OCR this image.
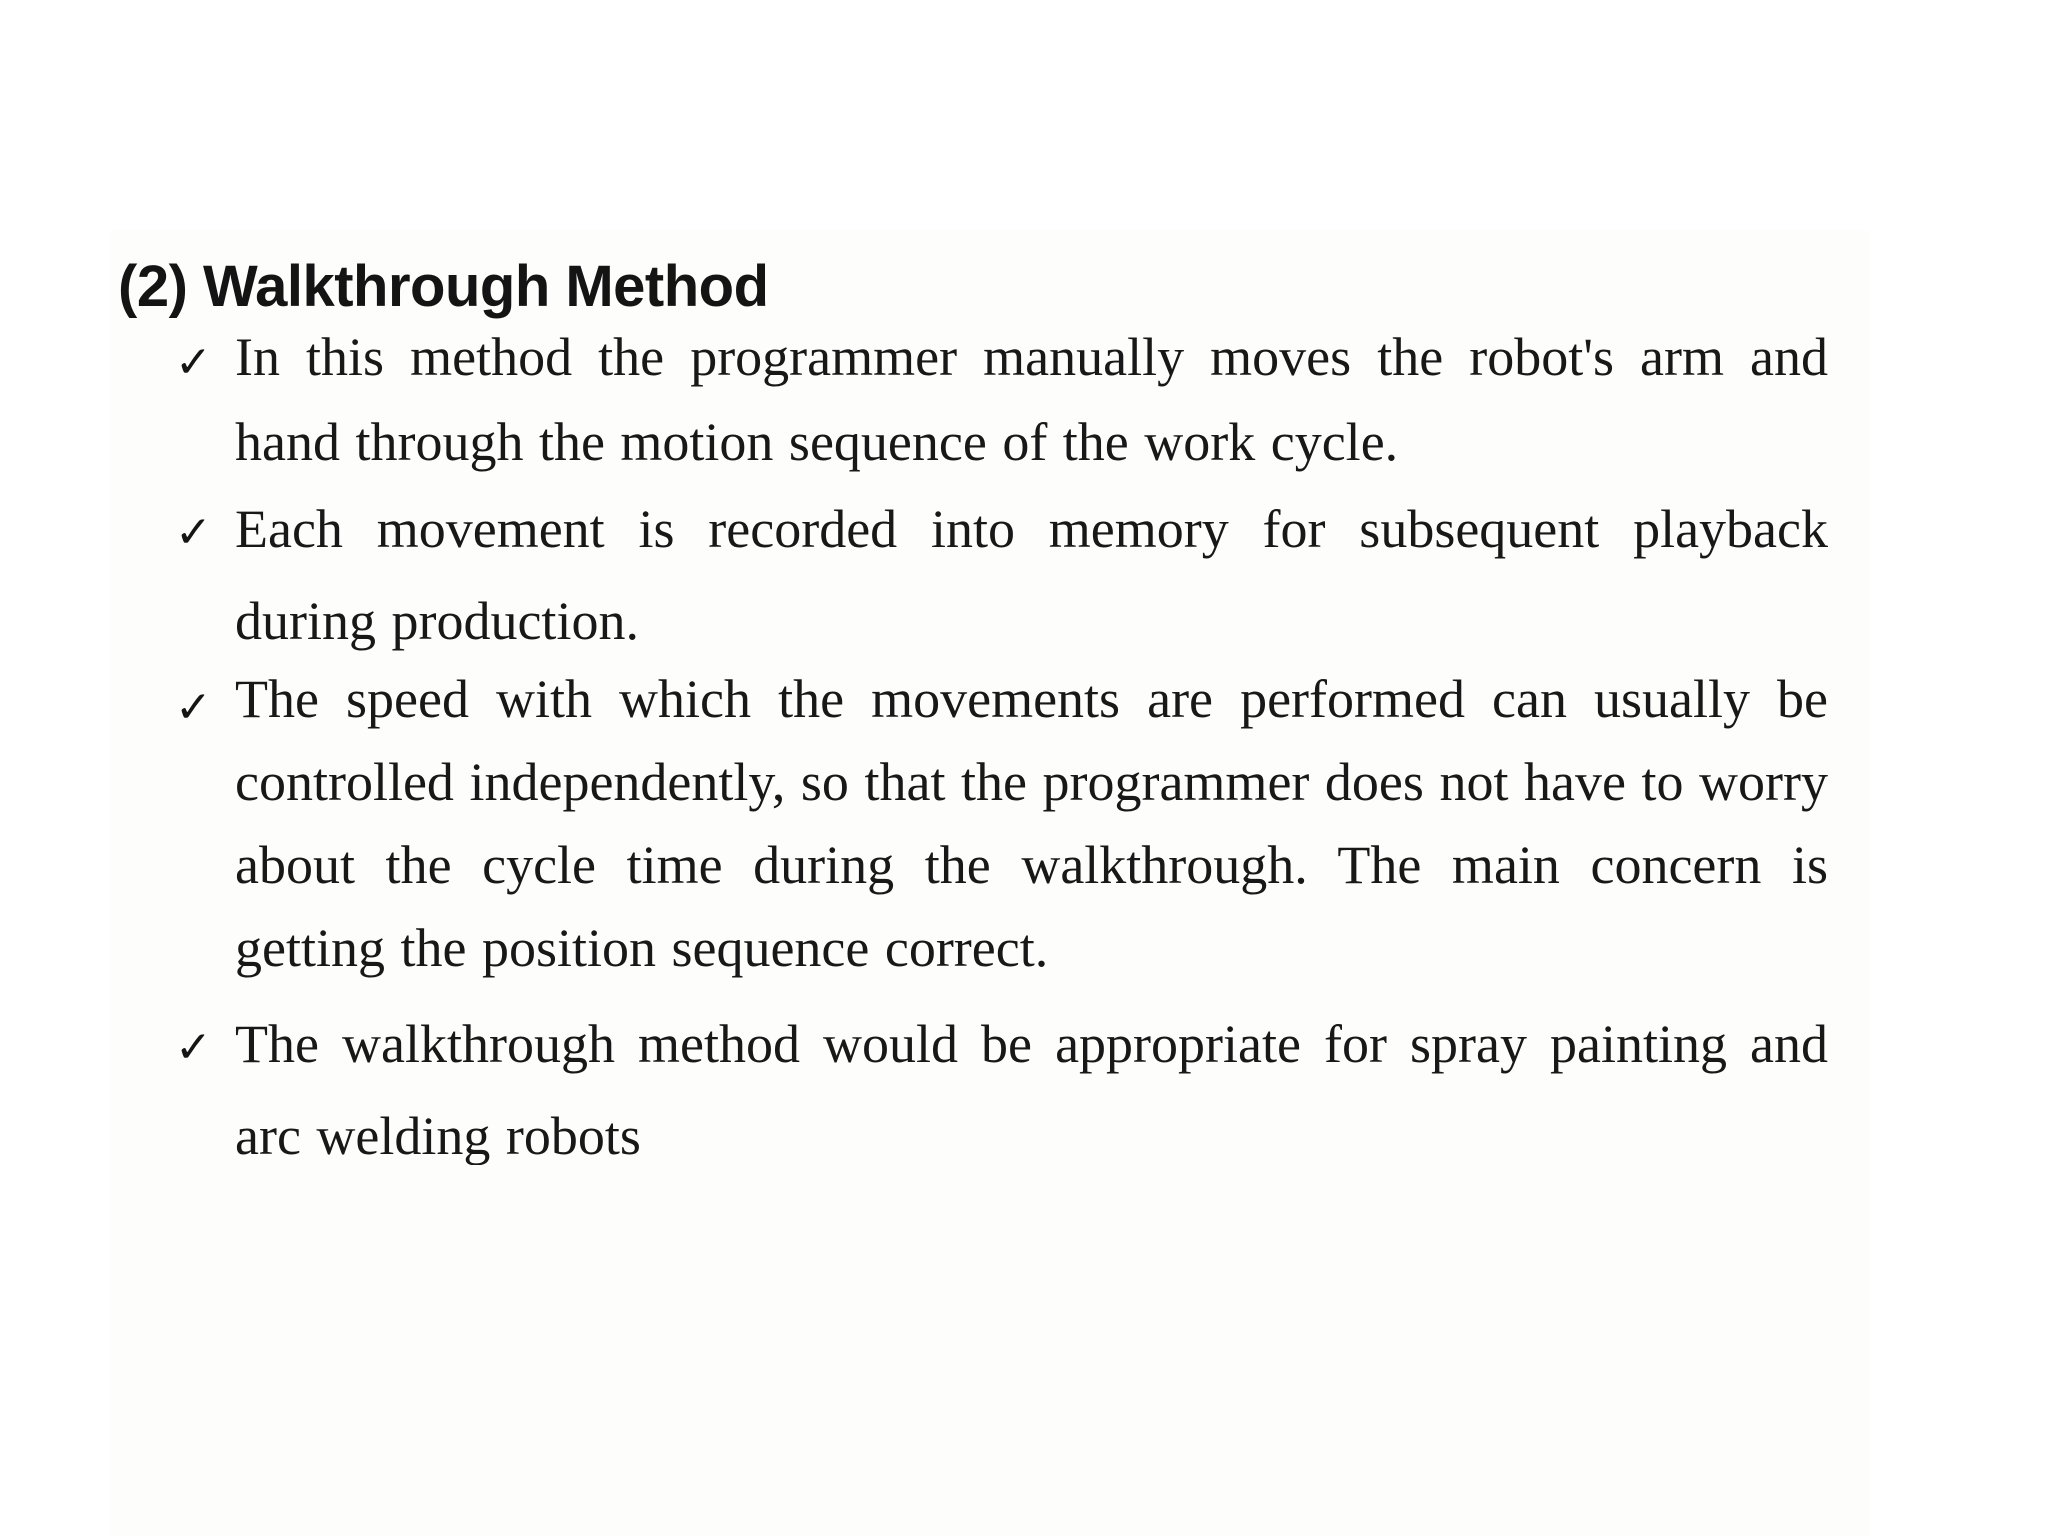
(2) Walkthrough Method
✓ In this method the programmer manually moves the robot's arm and hand through the motion sequence of the work cycle.

✓ Each movement is recorded into memory for subsequent playback during production.

✓ The speed with which the movements are performed can usually be controlled independently, so that the programmer does not have to worry about the cycle time during the walkthrough. The main concern is getting the position sequence correct.

✓ The walkthrough method would be appropriate for spray painting and arc welding robots
